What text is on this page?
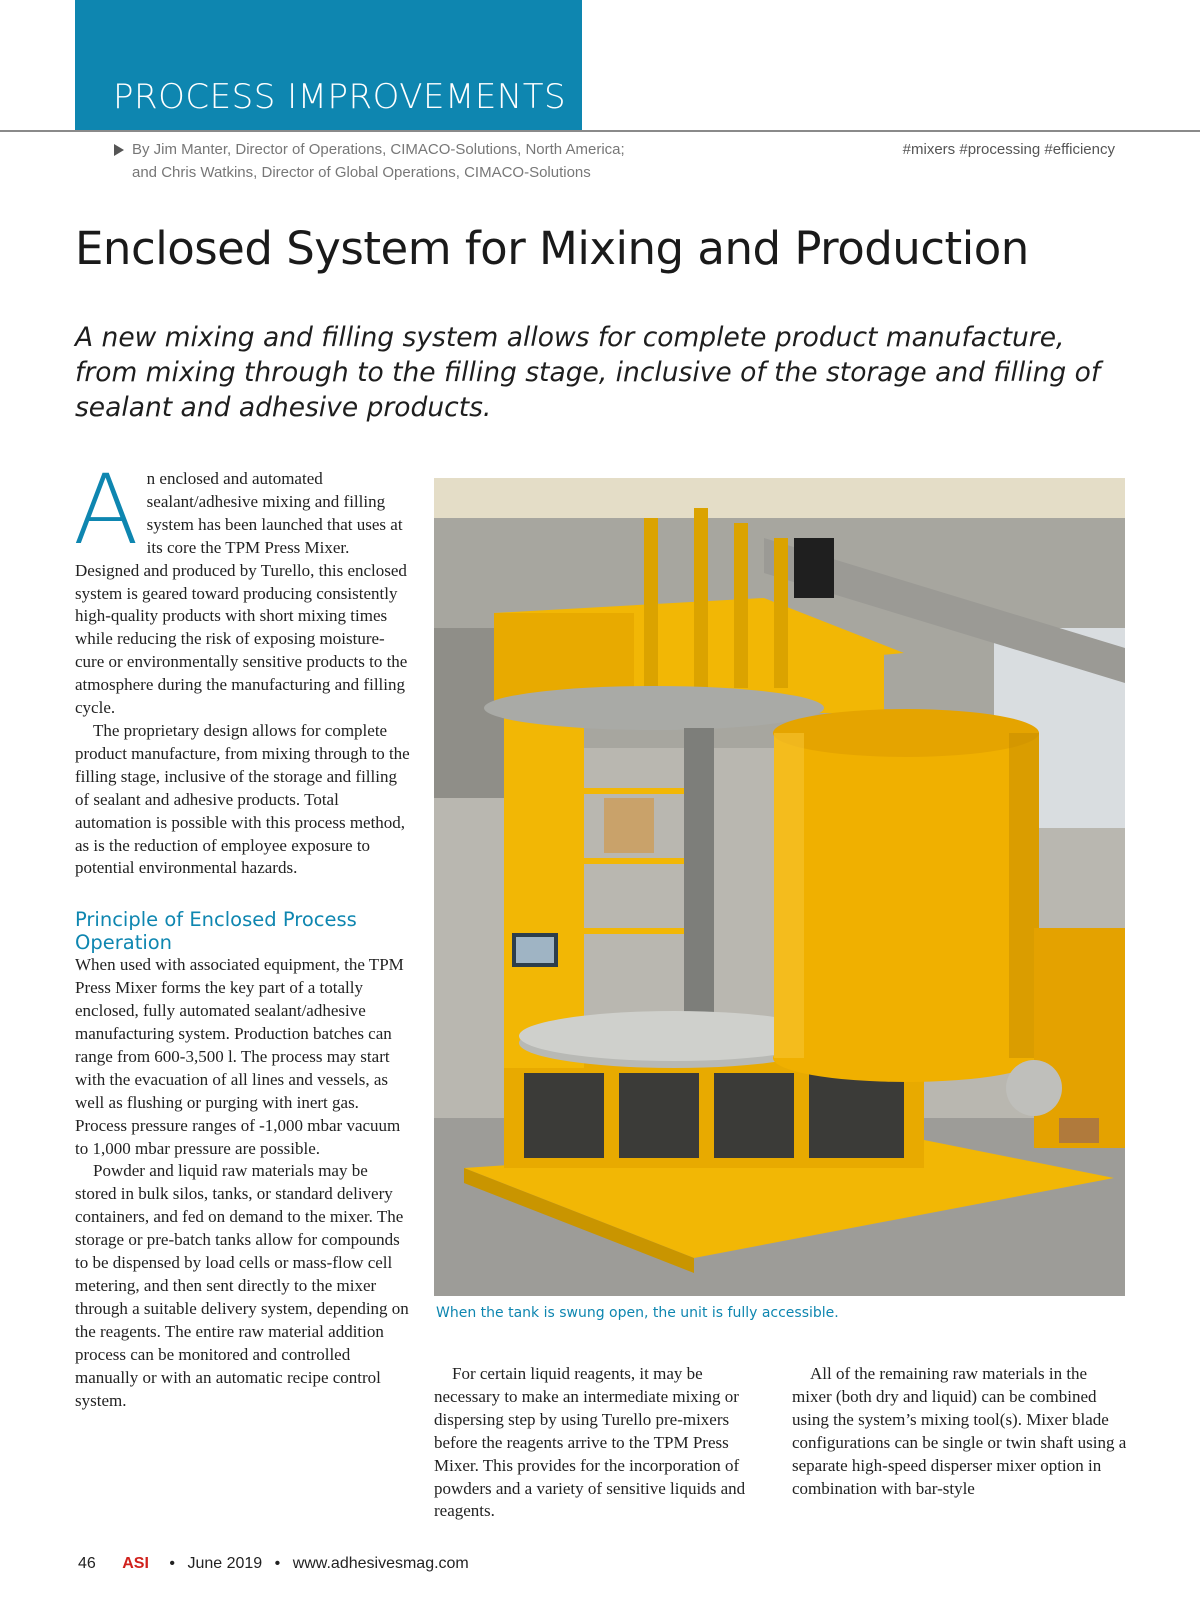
PROCESS IMPROVEMENTS
By Jim Manter, Director of Operations, CIMACO-Solutions, North America;
and Chris Watkins, Director of Global Operations, CIMACO-Solutions
#mixers #processing #efficiency
Enclosed System for Mixing and Production

A new mixing and filling system allows for complete product manufacture, from mixing through to the filling stage, inclusive of the storage and filling of sealant and adhesive products.

An enclosed and automated sealant/adhesive mixing and filling system has been launched that uses at its core the TPM Press Mixer. Designed and produced by Turello, this enclosed system is geared toward producing consistently high-quality products with short mixing times while reducing the risk of exposing moisture-cure or environmentally sensitive products to the atmosphere during the manufacturing and filling cycle.

The proprietary design allows for complete product manufacture, from mixing through to the filling stage, inclusive of the storage and filling of sealant and adhesive products. Total automation is possible with this process method, as is the reduction of employee exposure to potential environmental hazards.

Principle of Enclosed Process Operation

When used with associated equipment, the TPM Press Mixer forms the key part of a totally enclosed, fully automated sealant/adhesive manufacturing system. Production batches can range from 600-3,500 l. The process may start with the evacuation of all lines and vessels, as well as flushing or purging with inert gas. Process pressure ranges of -1,000 mbar vacuum to 1,000 mbar pressure are possible.

Powder and liquid raw materials may be stored in bulk silos, tanks, or standard delivery containers, and fed on demand to the mixer. The storage or pre-batch tanks allow for compounds to be dispensed by load cells or mass-flow cell metering, and then sent directly to the mixer through a suitable delivery system, depending on the reagents. The entire raw material addition process can be monitored and controlled manually or with an automatic recipe control system.

When the tank is swung open, the unit is fully accessible.

For certain liquid reagents, it may be necessary to make an intermediate mixing or dispersing step by using Turello pre-mixers before the reagents arrive to the TPM Press Mixer. This provides for the incorporation of powders and a variety of sensitive liquids and reagents.

All of the remaining raw materials in the mixer (both dry and liquid) can be combined using the system’s mixing tool(s). Mixer blade configurations can be single or twin shaft using a separate high-speed disperser mixer option in combination with bar-style

46 ASI • June 2019 • www.adhesivesmag.com
